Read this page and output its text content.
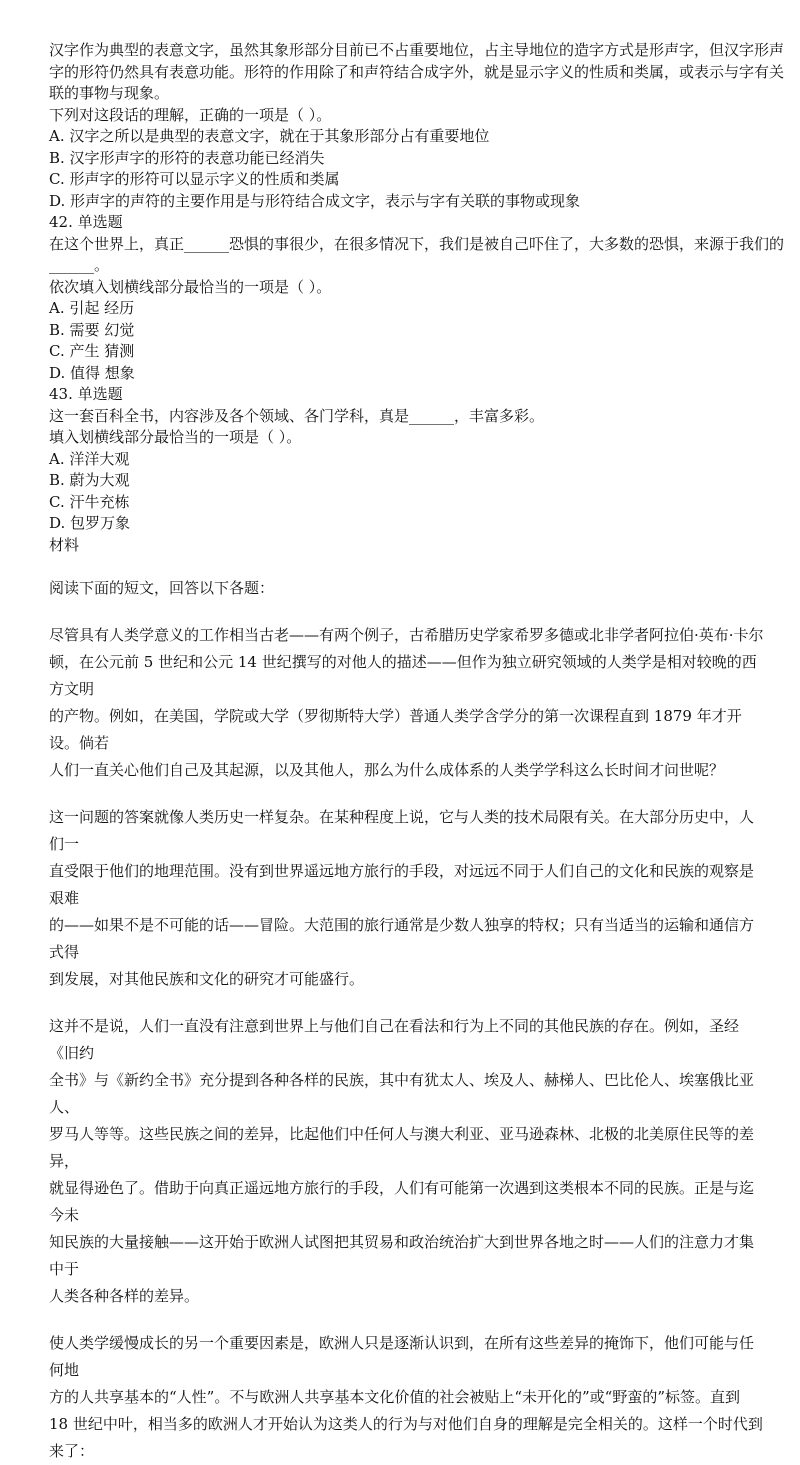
汉字作为典型的表意文字，虽然其象形部分目前已不占重要地位，占主导地位的造字方式是形声字，但汉字形声
字的形符仍然具有表意功能。形符的作用除了和声符结合成字外，就是显示字义的性质和类属，或表示与字有关
联的事物与现象。
下列对这段话的理解，正确的一项是（ ）。
A. 汉字之所以是典型的表意文字，就在于其象形部分占有重要地位
B. 汉字形声字的形符的表意功能已经消失
C. 形声字的形符可以显示字义的性质和类属
D. 形声字的声符的主要作用是与形符结合成文字，表示与字有关联的事物或现象
42. 单选题
在这个世界上，真正______恐惧的事很少，在很多情况下，我们是被自己吓住了，大多数的恐惧，来源于我们的
______。
依次填入划横线部分最恰当的一项是（ ）。
A. 引起 经历
B. 需要 幻觉
C. 产生 猜测
D. 值得 想象
43. 单选题
这一套百科全书，内容涉及各个领域、各门学科，真是______，丰富多彩。
填入划横线部分最恰当的一项是（ ）。
A. 洋洋大观
B. 蔚为大观
C. 汗牛充栋
D. 包罗万象
材料
阅读下面的短文，回答以下各题：
尽管具有人类学意义的工作相当古老——有两个例子，古希腊历史学家希罗多德或北非学者阿拉伯·英布·卡尔
顿，在公元前 5 世纪和公元 14 世纪撰写的对他人的描述——但作为独立研究领域的人类学是相对较晚的西方文明
的产物。例如，在美国，学院或大学（罗彻斯特大学）普通人类学含学分的第一次课程直到 1879 年才开设。倘若
人们一直关心他们自己及其起源，以及其他人，那么为什么成体系的人类学学科这么长时间才问世呢？
这一问题的答案就像人类历史一样复杂。在某种程度上说，它与人类的技术局限有关。在大部分历史中，人们一
直受限于他们的地理范围。没有到世界遥远地方旅行的手段，对远远不同于人们自己的文化和民族的观察是艰难
的——如果不是不可能的话——冒险。大范围的旅行通常是少数人独享的特权；只有当适当的运输和通信方式得
到发展，对其他民族和文化的研究才可能盛行。
这并不是说，人们一直没有注意到世界上与他们自己在看法和行为上不同的其他民族的存在。例如，圣经《旧约
全书》与《新约全书》充分提到各种各样的民族，其中有犹太人、埃及人、赫梯人、巴比伦人、埃塞俄比亚人、
罗马人等等。这些民族之间的差异，比起他们中任何人与澳大利亚、亚马逊森林、北极的北美原住民等的差异，
就显得逊色了。借助于向真正遥远地方旅行的手段，人们有可能第一次遇到这类根本不同的民族。正是与迄今未
知民族的大量接触——这开始于欧洲人试图把其贸易和政治统治扩大到世界各地之时——人们的注意力才集中于
人类各种各样的差异。
使人类学缓慢成长的另一个重要因素是，欧洲人只是逐渐认识到，在所有这些差异的掩饰下，他们可能与任何地
方的人共享基本的“人性”。不与欧洲人共享基本文化价值的社会被贴上“未开化的”或“野蛮的”标签。直到
18 世纪中叶，相当多的欧洲人才开始认为这类人的行为与对他们自身的理解是完全相关的。这样一个时代到来了：
